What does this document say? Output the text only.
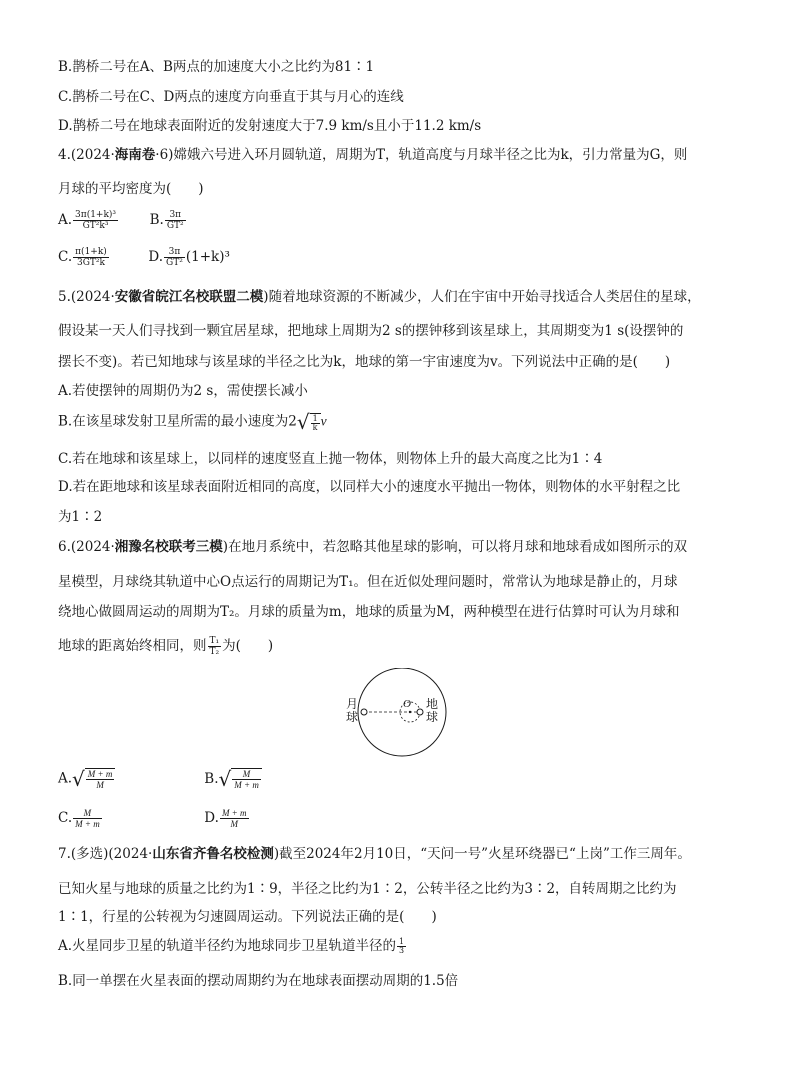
B.鹊桥二号在A、B两点的加速度大小之比约为81∶1
C.鹊桥二号在C、D两点的速度方向垂直于其与月心的连线
D.鹊桥二号在地球表面附近的发射速度大于7.9 km/s且小于11.2 km/s
4.(2024·海南卷·6)嫦娥六号进入环月圆轨道，周期为T，轨道高度与月球半径之比为k，引力常量为G，则
月球的平均密度为(　　)
A. $\frac{\text{3π(1+k)³}}{\text{GT²k³}} B$. $\frac{3\pi}{\text{GT²}}$
C. $\frac{\pi(1+k)}{\text{3GT²k}}$	D. $\frac{3\pi}{\text{GT²}} (1+k)^3$
5.(2024·安徽省皖江名校联盟二模)随着地球资源的不断减少，人们在宇宙中开始寻找适合人类居住的星球，
假设某一天人们寻找到一颗宜居星球，把地球上周期为2 s的摆钟移到该星球上，其周期变为1 s(设摆钟的
摆长不变)。若已知地球与该星球的半径之比为k，地球的第一宇宙速度为v。下列说法中正确的是(　　)
A.若使摆钟的周期仍为2 s，需使摆长减小
B.在该星球发射卫星所需的最小速度为$2√ \frac{1}{k}$ v
C.若在地球和该星球上，以同样的速度竖直上抛一物体，则物体上升的最大高度之比为1∶4
D.若在距地球和该星球表面附近相同的高度，以同样大小的速度水平抛出一物体，则物体的水平射程之比
为1∶2
6.(2024·湘豫名校联考三模)在地月系统中，若忽略其他星球的影响，可以将月球和地球看成如图所示的双
星模型，月球绕其轨道中心O点运行的周期记为T₁。但在近似处理问题时，常常认为地球是静止的，月球
绕地心做圆周运动的周期为T₂。月球的质量为m，地球的质量为M，两种模型在进行估算时可认为月球和
地球的距离始终相同，则 $\frac{\text{T₁}}{\text{T₂}}$ 为(　　)
月
球
O 地
球
$A.√ \frac{M + m}{M}$	$B.√ \frac{M}{M + m}$
C. $\frac{M}{M + m}$	D. $\frac{M + m}{M}$
7.(多选)(2024·山东省齐鲁名校检测)截至2024年2月10日，“天问一号”火星环绕器已“上岗”工作三周年。
已知火星与地球的质量之比约为1∶9，半径之比约为1∶2，公转半径之比约为3∶2，自转周期之比约为
1∶1，行星的公转视为匀速圆周运动。下列说法正确的是(　　)
A.火星同步卫星的轨道半径约为地球同步卫星轨道半径的 $\frac{1}{3}$
B.同一单摆在火星表面的摆动周期约为在地球表面摆动周期的1.5倍
